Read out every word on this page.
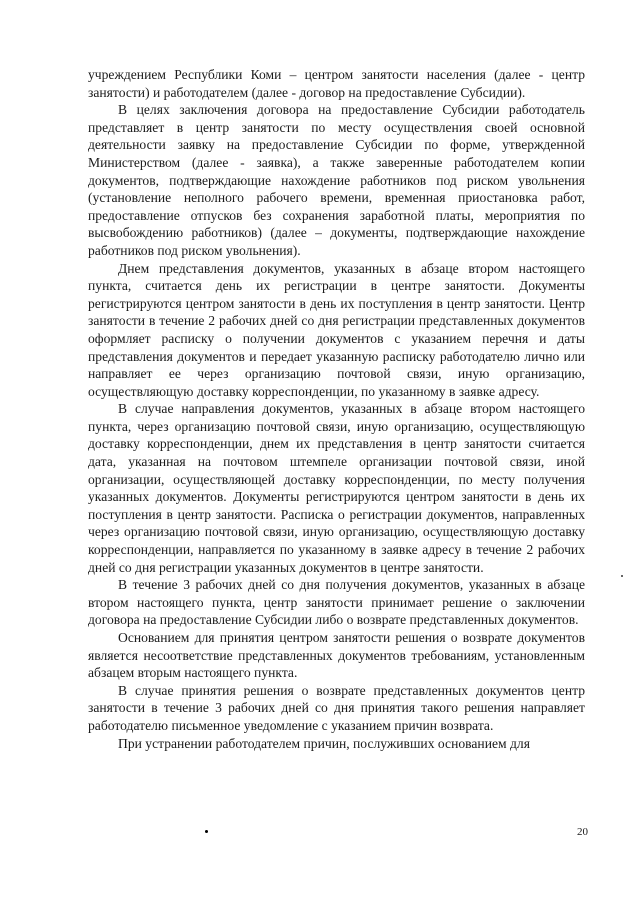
учреждением Республики Коми – центром занятости населения (далее - центр занятости) и работодателем (далее - договор на предоставление Субсидии).

В целях заключения договора на предоставление Субсидии работодатель представляет в центр занятости по месту осуществления своей основной деятельности заявку на предоставление Субсидии по форме, утвержденной Министерством (далее - заявка), а также заверенные работодателем копии документов, подтверждающие нахождение работников под риском увольнения (установление неполного рабочего времени, временная приостановка работ, предоставление отпусков без сохранения заработной платы, мероприятия по высвобождению работников) (далее – документы, подтверждающие нахождение работников под риском увольнения).

Днем представления документов, указанных в абзаце втором настоящего пункта, считается день их регистрации в центре занятости. Документы регистрируются центром занятости в день их поступления в центр занятости. Центр занятости в течение 2 рабочих дней со дня регистрации представленных документов оформляет расписку о получении документов с указанием перечня и даты представления документов и передает указанную расписку работодателю лично или направляет ее через организацию почтовой связи, иную организацию, осуществляющую доставку корреспонденции, по указанному в заявке адресу.

В случае направления документов, указанных в абзаце втором настоящего пункта, через организацию почтовой связи, иную организацию, осуществляющую доставку корреспонденции, днем их представления в центр занятости считается дата, указанная на почтовом штемпеле организации почтовой связи, иной организации, осуществляющей доставку корреспонденции, по месту получения указанных документов. Документы регистрируются центром занятости в день их поступления в центр занятости. Расписка о регистрации документов, направленных через организацию почтовой связи, иную организацию, осуществляющую доставку корреспонденции, направляется по указанному в заявке адресу в течение 2 рабочих дней со дня регистрации указанных документов в центре занятости.

В течение 3 рабочих дней со дня получения документов, указанных в абзаце втором настоящего пункта, центр занятости принимает решение о заключении договора на предоставление Субсидии либо о возврате представленных документов.

Основанием для принятия центром занятости решения о возврате документов является несоответствие представленных документов требованиям, установленным абзацем вторым настоящего пункта.

В случае принятия решения о возврате представленных документов центр занятости в течение 3 рабочих дней со дня принятия такого решения направляет работодателю письменное уведомление с указанием причин возврата.

При устранении работодателем причин, послуживших основанием для

20
